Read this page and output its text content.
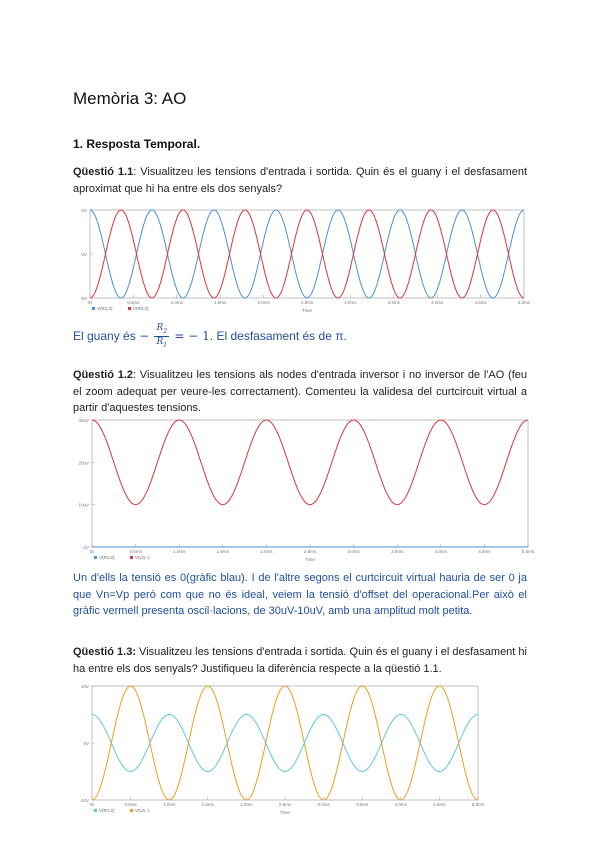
Memòria 3: AO
1. Resposta Temporal.
Qüestió 1.1: Visualitzeu les tensions d'entrada i sortida. Quin és el guany i el desfasament aproximat que hi ha entre els dos senyals?
5V
0V
-5V
0s	0.5ms	1.0ms	1.5ms	2.0ms	2.5ms	3.0ms	3.5ms	4.0ms	4.5ms	5.0ms
Time
V(R1:2)	V(R2:2)
El guany és − $\frac{R_2}{R_1}$ = − 1. El desfasament és de π.
Qüestió 1.2: Visualitzeu les tensions als nodes d'entrada inversor i no inversor de l'AO (feu el zoom adequat per veure-les correctament). Comenteu la validesa del curtcircuit virtual a partir d'aquestes tensions.
30uV
20uV
10uV
0V
0s	0.5ms	1.0ms	1.5ms	2.0ms	2.5ms	3.0ms	3.5ms	4.0ms	4.5ms	5.0ms
Time
V(R1:2)	V(U1:-)
Un d'ells la tensió es 0(gràfic blau). I de l'altre segons el curtcircuit virtual hauria de ser 0 ja que Vn=Vp però com que no és ideal, veiem la tensió d'offset del operacional.Per això el gràfic vermell presenta oscil·lacions, de 30uV-10uV, amb una amplitud molt petita.
Qüestió 1.3: Visualitzeu les tensions d'entrada i sortida. Quin és el guany i el desfasament hi ha entre els dos senyals? Justifiqueu la diferència respecte a la qüestió 1.1.
10V
0V
-10V
0s	0.5ms	1.0ms	1.5ms	2.0ms	2.5ms	3.0ms	3.5ms	4.0ms	4.5ms	5.0ms
Time
V(R1:2)	V(U1:-)
